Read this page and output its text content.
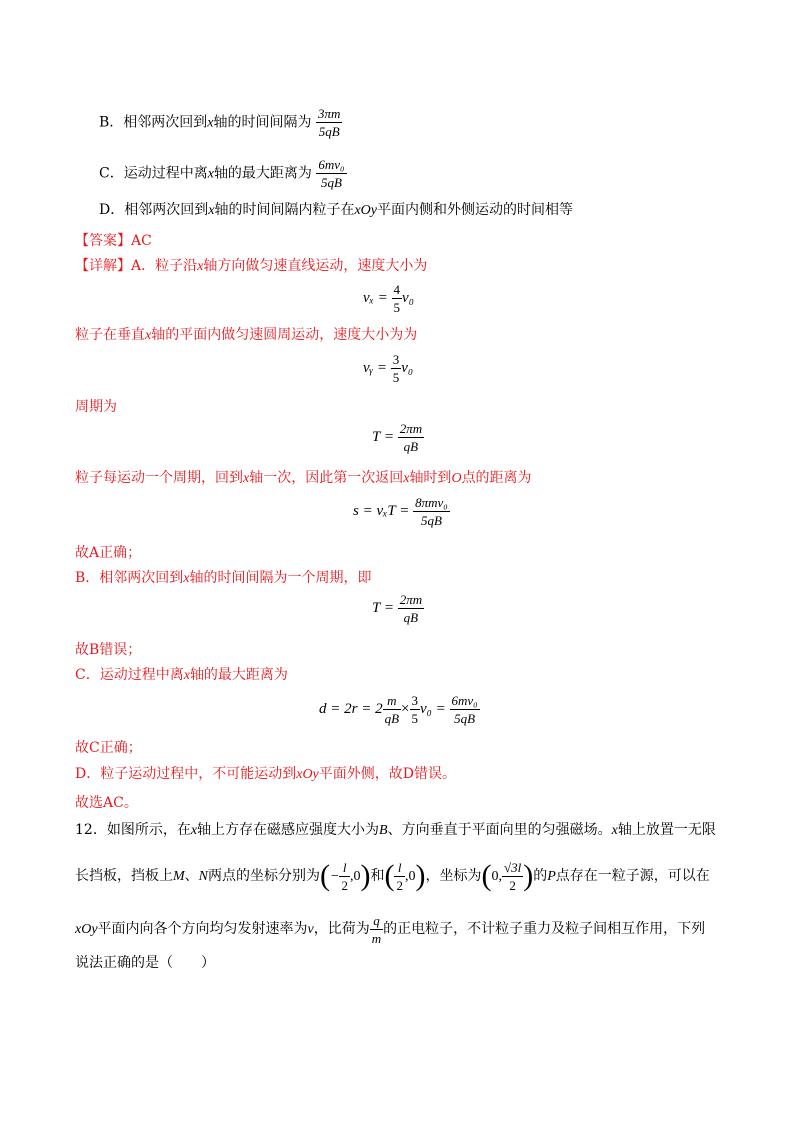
B．相邻两次回到x轴的时间间隔为 $\frac{3\pi m}{5qB}$
C．运动过程中离x轴的最大距离为 $\frac{\text{6mv₀}}{5qB}$
D．相邻两次回到x轴的时间间隔内粒子在xOy平面内侧和外侧运动的时间相等
【答案】AC
【详解】A．粒子沿x轴方向做匀速直线运动，速度大小为
$v_x = \frac{4}{5} v_0$
粒子在垂直x轴的平面内做匀速圆周运动，速度大小为为
vᵧ = $\frac{3}{5} v_0$
周期为
$T = \frac{2\pi m}{qB}$
粒子每运动一个周期，回到x轴一次，因此第一次返回x轴时到O点的距离为
$s = v_xT = \frac{\text{8πmv₀}}{5qB}$
故A正确；
B．相邻两次回到x轴的时间间隔为一个周期，即
$T = \frac{2\pi m}{qB}$
故B错误；
C．运动过程中离x轴的最大距离为
$d = 2r = 2 \frac{m}{qB} \times \frac{3}{5} v_0 = \frac{\text{6mv₀}}{5qB}$
故C正确；
D．粒子运动过程中，不可能运动到xOy平面外侧，故D错误。
故选AC。
12．如图所示，在x轴上方存在磁感应强度大小为B、方向垂直于平面向里的匀强磁场。x轴上放置一无限
长挡板，挡板上M、N两点的坐标分别为(− $\frac{l}{2} ,0$)和( $\frac{l}{2} ,0$)，坐标为(0, $\frac{√3l}{2}$ )的P点存在一粒子源，可以在
xOy平面内向各个方向均匀发射速率为v，比荷为 $\frac{q}{m}$ 的正电粒子，不计粒子重力及粒子间相互作用，下列
说法正确的是（　　）
